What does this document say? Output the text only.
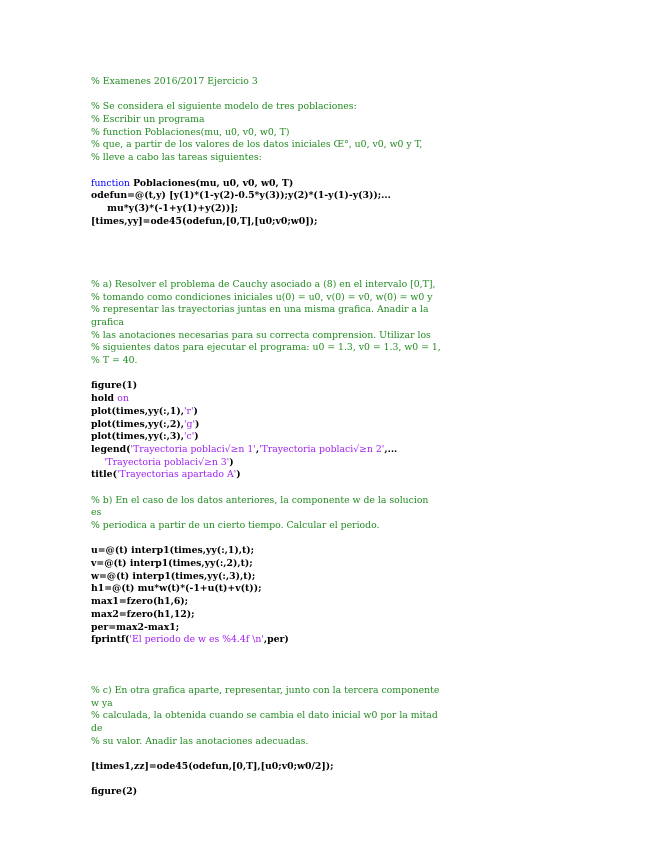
% Examenes 2016/2017 Ejercicio 3
% Se considera el siguiente modelo de tres poblaciones:
% Escribir un programa
% function Poblaciones(mu, u0, v0, w0, T)
% que, a partir de los valores de los datos iniciales Œ°, u0, v0, w0 y T,
% lleve a cabo las tareas siguientes:
function Poblaciones(mu, u0, v0, w0, T)
odefun=@(t,y) [y(1)*(1-y(2)-0.5*y(3));y(2)*(1-y(1)-y(3));...
mu*y(3)*(-1+y(1)+y(2))];
[times,yy]=ode45(odefun,[0,T],[u0;v0;w0]);
% a) Resolver el problema de Cauchy asociado a (8) en el intervalo [0,T],
% tomando como condiciones iniciales u(0) = u0, v(0) = v0, w(0) = w0 y
% representar las trayectorias juntas en una misma grafica. Anadir a la
grafica
% las anotaciones necesarias para su correcta comprension. Utilizar los
% siguientes datos para ejecutar el programa: u0 = 1.3, v0 = 1.3, w0 = 1,
% T = 40.
figure(1)
hold on
plot(times,yy(:,1),'r')
plot(times,yy(:,2),'g')
plot(times,yy(:,3),'c')
legend('Trayectoria poblaci√≥n 1','Trayectoria poblaci√≥n 2',...
'Trayectoria poblaci√≥n 3')
title('Trayectorias apartado A')
% b) En el caso de los datos anteriores, la componente w de la solucion
es
% periodica a partir de un cierto tiempo. Calcular el periodo.
u=@(t) interp1(times,yy(:,1),t);
v=@(t) interp1(times,yy(:,2),t);
w=@(t) interp1(times,yy(:,3),t);
h1=@(t) mu*w(t)*(-1+u(t)+v(t));
max1=fzero(h1,6);
max2=fzero(h1,12);
per=max2-max1;
fprintf('El periodo de w es %4.4f \n',per)
% c) En otra grafica aparte, representar, junto con la tercera componente
w ya
% calculada, la obtenida cuando se cambia el dato inicial w0 por la mitad
de
% su valor. Anadir las anotaciones adecuadas.
[times1,zz]=ode45(odefun,[0,T],[u0;v0;w0/2]);
figure(2)
